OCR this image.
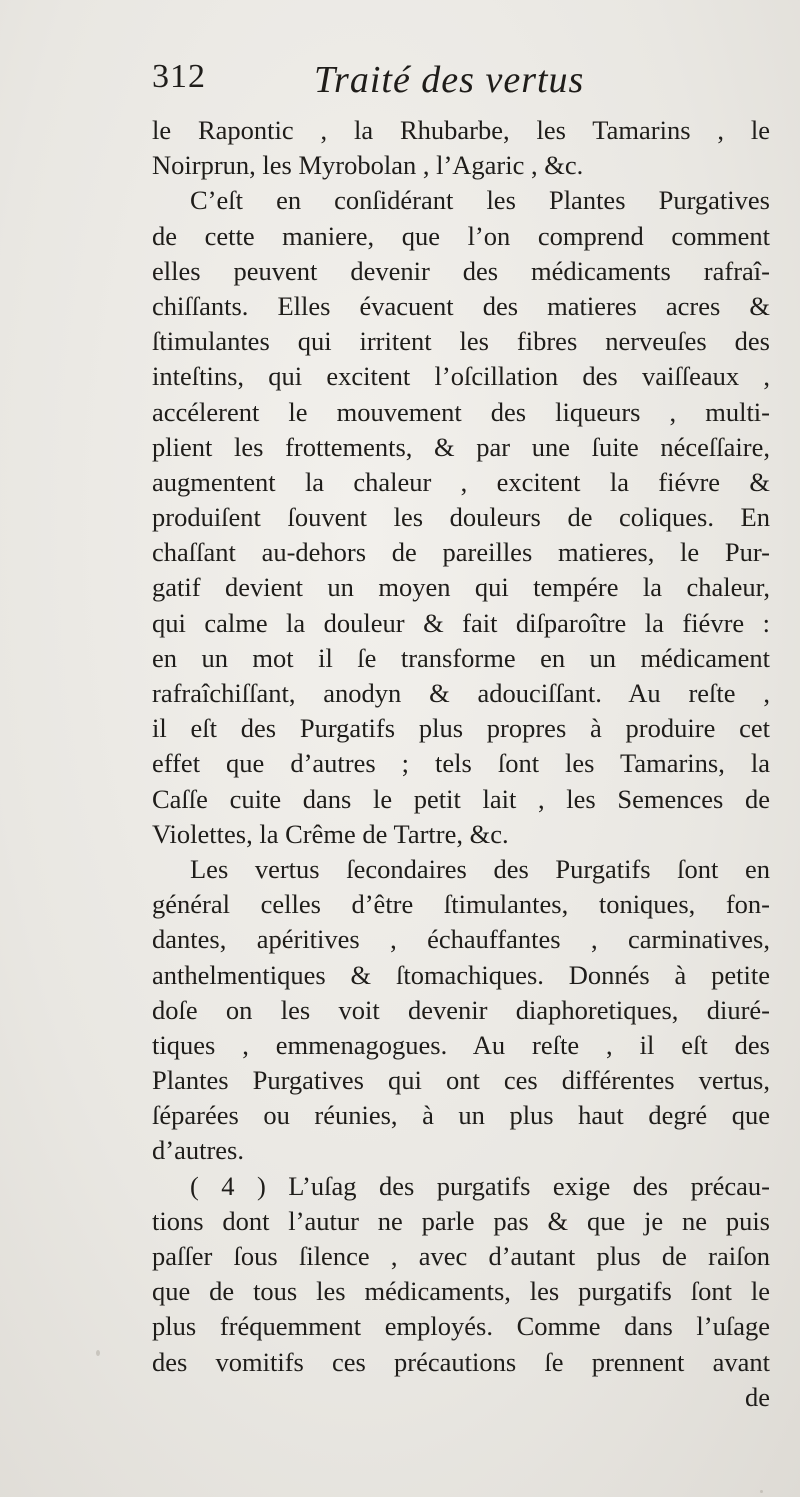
312	Traité des vertus
le Rapontic , la Rhubarbe, les Tamarins , le
Noirprun, les Myrobolan , l’Agaric , &c.
C’eſt en conſidérant les Plantes Purgatives
de cette maniere, que l’on comprend comment
elles peuvent devenir des médicaments rafraî-
chiſſants. Elles évacuent des matieres acres &
ſtimulantes qui irritent les fibres nerveuſes des
inteſtins, qui excitent l’oſcillation des vaiſſeaux ,
accélerent le mouvement des liqueurs , multi-
plient les frottements, & par une ſuite néceſſaire,
augmentent la chaleur , excitent la fiévre &
produiſent ſouvent les douleurs de coliques. En
chaſſant au-dehors de pareilles matieres, le Pur-
gatif devient un moyen qui tempére la chaleur,
qui calme la douleur & fait diſparoître la fiévre :
en un mot il ſe transforme en un médicament
rafraîchiſſant, anodyn & adouciſſant. Au reſte ,
il eſt des Purgatifs plus propres à produire cet
effet que d’autres ; tels ſont les Tamarins, la
Caſſe cuite dans le petit lait , les Semences de
Violettes, la Crême de Tartre, &c.
Les vertus ſecondaires des Purgatifs ſont en
général celles d’être ſtimulantes, toniques, fon-
dantes, apéritives , échauffantes , carminatives,
anthelmentiques & ſtomachiques. Donnés à petite
doſe on les voit devenir diaphoretiques, diuré-
tiques , emmenagogues. Au reſte , il eſt des
Plantes Purgatives qui ont ces différentes vertus,
ſéparées ou réunies, à un plus haut degré que
d’autres.
( 4 ) L’uſag des purgatifs exige des précau-
tions dont l’autur ne parle pas & que je ne puis
paſſer ſous ſilence , avec d’autant plus de raiſon
que de tous les médicaments, les purgatifs ſont le
plus fréquemment employés. Comme dans l’uſage
des vomitifs ces précautions ſe prennent avant
de
